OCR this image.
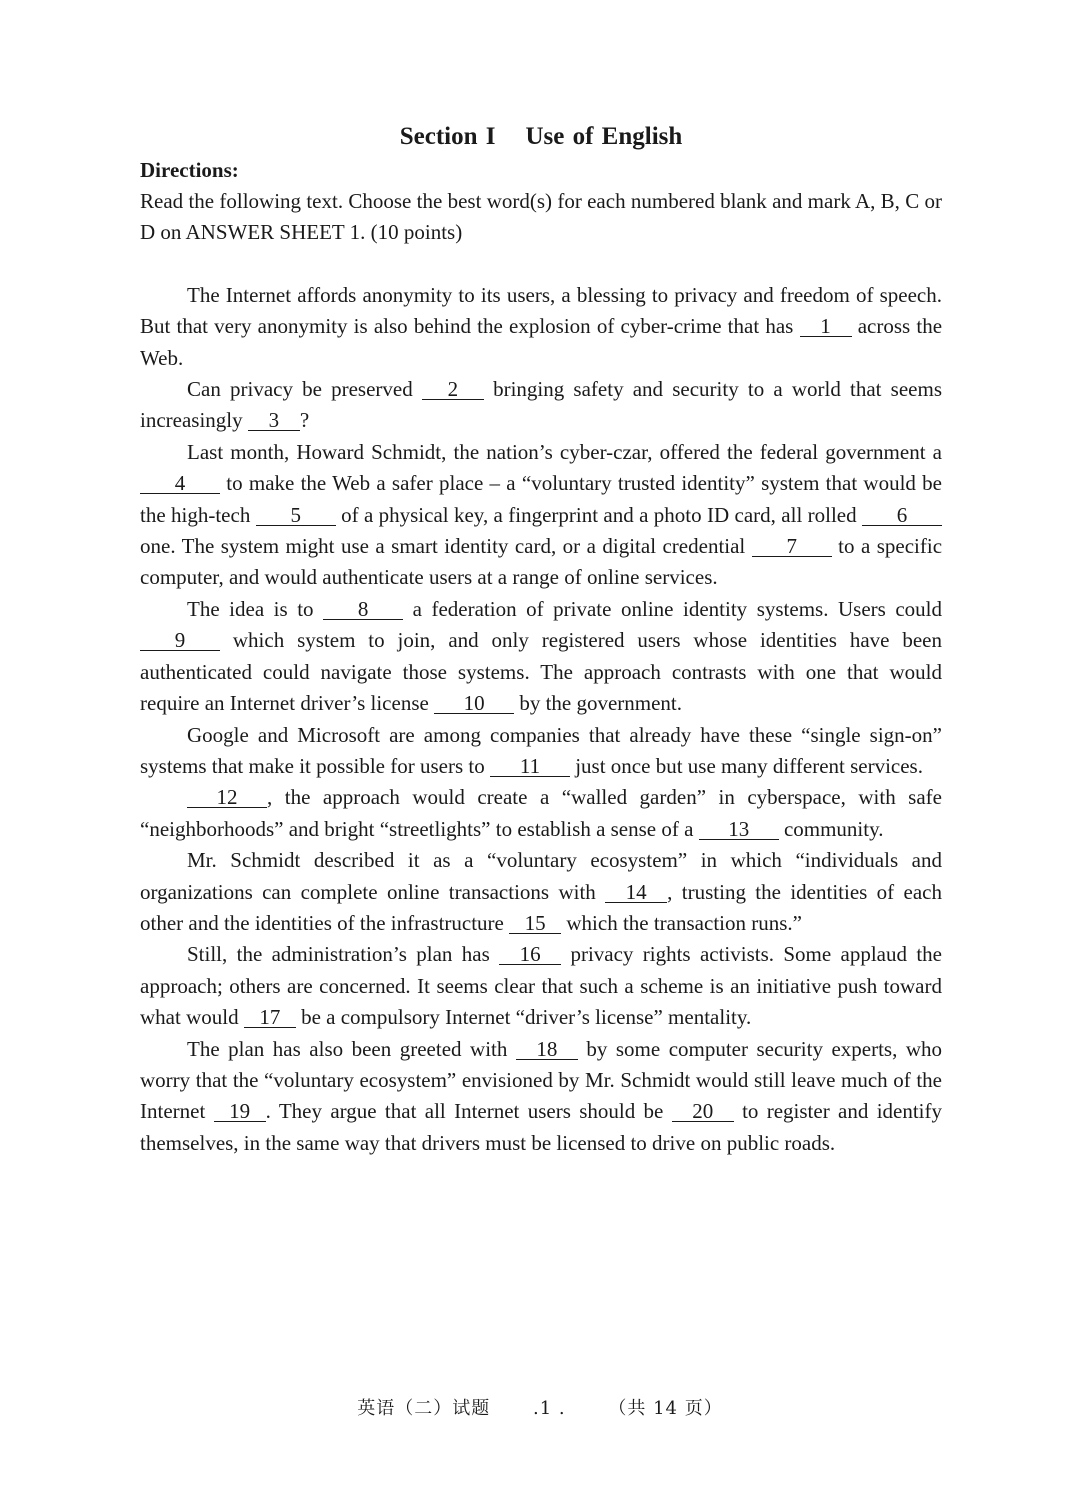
Section I Use of English
Directions:

Read the following text. Choose the best word(s) for each numbered blank and mark A, B, C or D on ANSWER SHEET 1. (10 points)

The Internet affords anonymity to its users, a blessing to privacy and freedom of speech. But that very anonymity is also behind the explosion of cyber-crime that has 1 across the Web.

Can privacy be preserved 2 bringing safety and security to a world that seems increasingly 3 ?

Last month, Howard Schmidt, the nation’s cyber-czar, offered the federal government a 4 to make the Web a safer place – a “voluntary trusted identity” system that would be the high-tech 5 of a physical key, a fingerprint and a photo ID card, all rolled 6 one. The system might use a smart identity card, or a digital credential 7 to a specific computer, and would authenticate users at a range of online services.

The idea is to 8 a federation of private online identity systems. Users could 9 which system to join, and only registered users whose identities have been authenticated could navigate those systems. The approach contrasts with one that would require an Internet driver’s license 10 by the government.

Google and Microsoft are among companies that already have these “single sign-on” systems that make it possible for users to 11 just once but use many different services.

12 , the approach would create a “walled garden” in cyberspace, with safe “neighborhoods” and bright “streetlights” to establish a sense of a 13 community.

Mr. Schmidt described it as a “voluntary ecosystem” in which “individuals and organizations can complete online transactions with 14 , trusting the identities of each other and the identities of the infrastructure 15 which the transaction runs.”

Still, the administration’s plan has 16 privacy rights activists. Some applaud the approach; others are concerned. It seems clear that such a scheme is an initiative push toward what would 17 be a compulsory Internet “driver’s license” mentality.

The plan has also been greeted with 18 by some computer security experts, who worry that the “voluntary ecosystem” envisioned by Mr. Schmidt would still leave much of the Internet 19 . They argue that all Internet users should be 20 to register and identify themselves, in the same way that drivers must be licensed to drive on public roads.

英语（二）试题 .1 . （共 14 页）
